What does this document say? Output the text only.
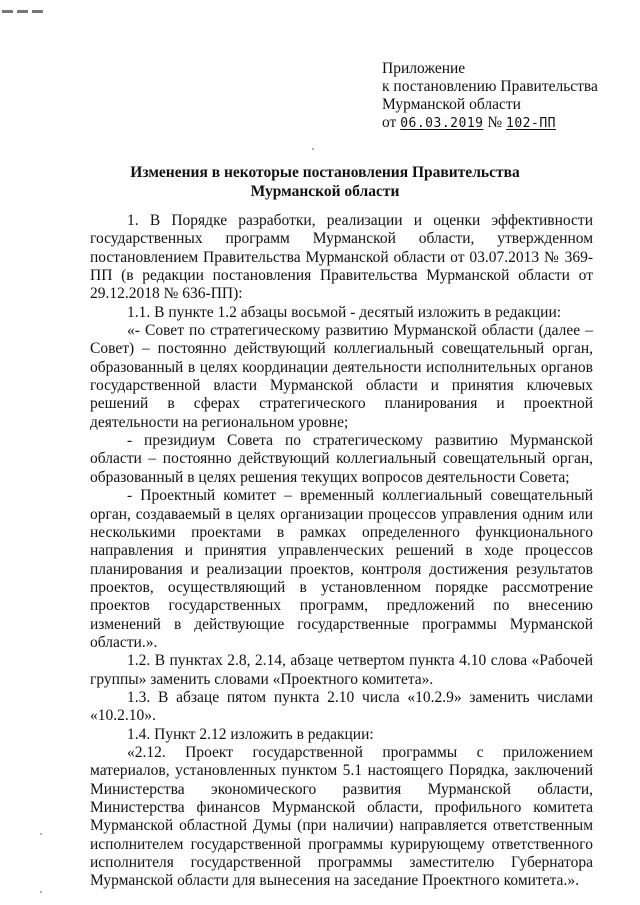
Приложение
к постановлению Правительства
Мурманской области
от 06.03.2019 № 102-ПП
Изменения в некоторые постановления Правительства
Мурманской области

1. В Порядке разработки, реализации и оценки эффективности государственных программ Мурманской области, утвержденном постановлением Правительства Мурманской области от 03.07.2013 № 369-ПП (в редакции постановления Правительства Мурманской области от 29.12.2018 № 636-ПП):

1.1. В пункте 1.2 абзацы восьмой - десятый изложить в редакции:

«- Совет по стратегическому развитию Мурманской области (далее – Совет) – постоянно действующий коллегиальный совещательный орган, образованный в целях координации деятельности исполнительных органов государственной власти Мурманской области и принятия ключевых решений в сферах стратегического планирования и проектной деятельности на региональном уровне;

- президиум Совета по стратегическому развитию Мурманской области – постоянно действующий коллегиальный совещательный орган, образованный в целях решения текущих вопросов деятельности Совета;

- Проектный комитет – временный коллегиальный совещательный орган, создаваемый в целях организации процессов управления одним или несколькими проектами в рамках определенного функционального направления и принятия управленческих решений в ходе процессов планирования и реализации проектов, контроля достижения результатов проектов, осуществляющий в установленном порядке рассмотрение проектов государственных программ, предложений по внесению изменений в действующие государственные программы Мурманской области.».

1.2. В пунктах 2.8, 2.14, абзаце четвертом пункта 4.10 слова «Рабочей группы» заменить словами «Проектного комитета».

1.3. В абзаце пятом пункта 2.10 числа «10.2.9» заменить числами «10.2.10».

1.4. Пункт 2.12 изложить в редакции:

«2.12. Проект государственной программы с приложением материалов, установленных пунктом 5.1 настоящего Порядка, заключений Министерства экономического развития Мурманской области, Министерства финансов Мурманской области, профильного комитета Мурманской областной Думы (при наличии) направляется ответственным исполнителем государственной программы курирующему ответственного исполнителя государственной программы заместителю Губернатора Мурманской области для вынесения на заседание Проектного комитета.».
